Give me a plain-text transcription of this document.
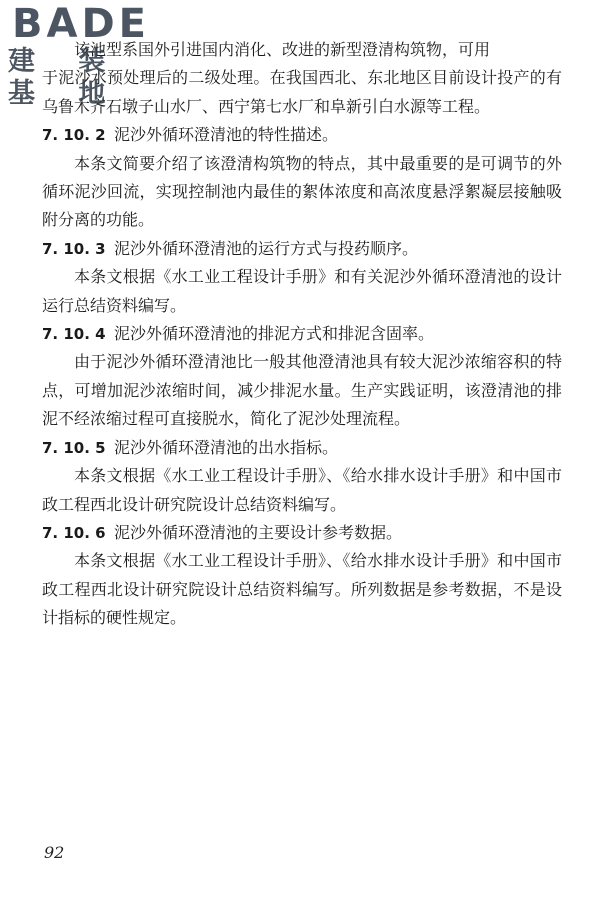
BADE
建 装 基 地

该池型系国外引进国内消化、改进的新型澄清构筑物，可用

于泥沙水预处理后的二级处理。在我国西北、东北地区目前设计投产的有乌鲁木齐石墩子山水厂、西宁第七水厂和阜新引白水源等工程。

7. 10. 2 泥沙外循环澄清池的特性描述。

本条文简要介绍了该澄清构筑物的特点，其中最重要的是可调节的外循环泥沙回流，实现控制池内最佳的絮体浓度和高浓度悬浮絮凝层接触吸附分离的功能。

7. 10. 3 泥沙外循环澄清池的运行方式与投药顺序。

本条文根据《水工业工程设计手册》和有关泥沙外循环澄清池的设计运行总结资料编写。

7. 10. 4 泥沙外循环澄清池的排泥方式和排泥含固率。

由于泥沙外循环澄清池比一般其他澄清池具有较大泥沙浓缩容积的特点，可增加泥沙浓缩时间，减少排泥水量。生产实践证明，该澄清池的排泥不经浓缩过程可直接脱水，简化了泥沙处理流程。

7. 10. 5 泥沙外循环澄清池的出水指标。

本条文根据《水工业工程设计手册》、《给水排水设计手册》和中国市政工程西北设计研究院设计总结资料编写。

7. 10. 6 泥沙外循环澄清池的主要设计参考数据。

本条文根据《水工业工程设计手册》、《给水排水设计手册》和中国市政工程西北设计研究院设计总结资料编写。所列数据是参考数据，不是设计指标的硬性规定。

92
